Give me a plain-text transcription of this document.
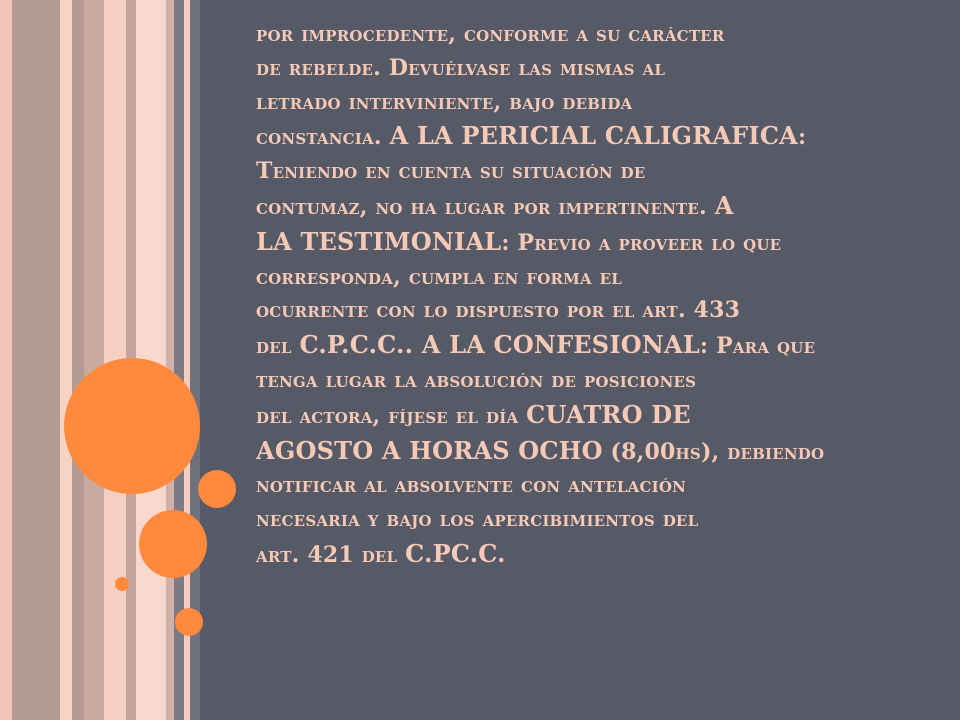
por improcedente, conforme a su carácter
de rebelde. Devuélvase las mismas al
letrado interviniente, bajo debida
constancia. A LA PERICIAL CALIGRAFICA:
Teniendo en cuenta su situación de
contumaz, no ha lugar por impertinente. A
LA TESTIMONIAL: Previo a proveer lo que
corresponda, cumpla en forma el
ocurrente con lo dispuesto por el art. 433
del C.P.C.C.. A LA CONFESIONAL: Para que
tenga lugar la absolución de posiciones
del actora, fíjese el día CUATRO DE
AGOSTO A HORAS OCHO (8,00hs), debiendo
notificar al absolvente con antelación
necesaria y bajo los apercibimientos del
art. 421 del C.PC.C.
